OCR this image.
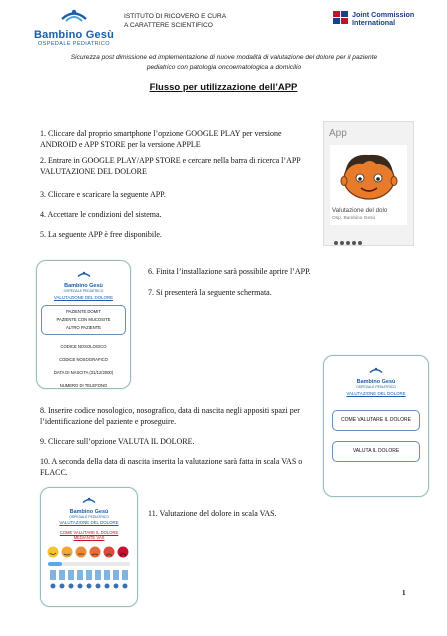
Bambino Gesù
OSPEDALE PEDIATRICO
ISTITUTO DI RICOVERO E CURA
A CARATTERE SCIENTIFICO
Joint Commission
International
Sicurezza post dimissione ed implementazione di nuove modalità di valutazione del dolore per il paziente
pediatrico con patologia oncoematologica a domicilio
Flusso per utilizzazione dell’APP
1. Cliccare dal proprio smartphone l’opzione GOOGLE PLAY per versione ANDROID e APP STORE per la versione APPLE
2. Entrare in GOOGLE PLAY/APP STORE e cercare nella barra di ricerca l’APP VALUTAZIONE DEL DOLORE
3. Cliccare e scaricare la seguente APP.
4. Accettare le condizioni del sistema.
5. La seguente APP è free disponibile.
App
Valutazione del dolo
Osp. Bambino Gesù
Bambino Gesù
OSPEDALE PEDIATRICO
VALUTAZIONE DEL DOLORE
PAZIENTE DOMIT
PAZIENTE CON MUCOSITE
ALTRO PAZIENTE
CODICE NOSOLOGICO
CODICE NOSOGRAFICO
DATA DI NASCITA (31/12/2000)
NUMERO DI TELEFONO
6. Finita l’installazione sarà possibile aprire l’APP.
7. Si presenterà la seguente schermata.
Bambino Gesù
OSPEDALE PEDIATRICO
VALUTAZIONE DEL DOLORE
COME VALUTARE IL DOLORE
VALUTA IL DOLORE
8. Inserire codice nosologico, nosografico, data di nascita negli appositi spazi per l’identificazione del paziente e proseguire.
9. Cliccare sull’opzione VALUTA IL DOLORE.
10. A seconda della data di nascita inserita la valutazione sarà fatta in scala VAS o FLACC.
Bambino Gesù
OSPEDALE PEDIATRICO
VALUTAZIONE DEL DOLORE
COME VALUTARE IL DOLORE
MEDIANTE VAS
11. Valutazione del dolore in scala VAS.
1
